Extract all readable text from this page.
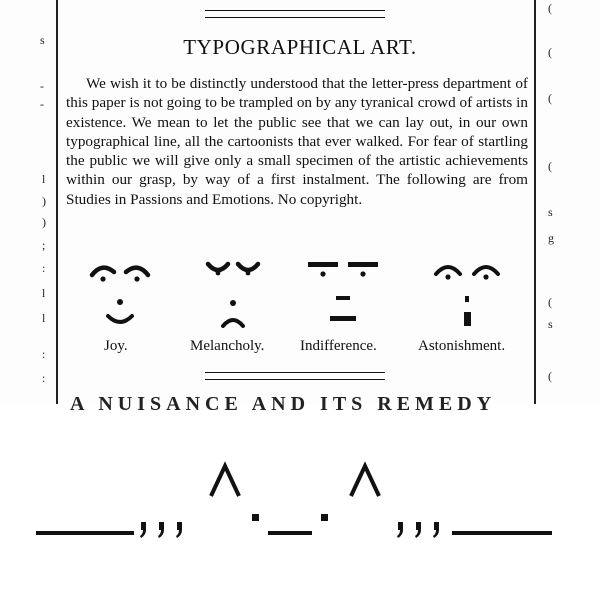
s
-
-
l
)
)
;
:
l
l
:
:
(
(
(
(
s
g
(
s
(
TYPOGRAPHICAL ART.

We wish it to be distinctly understood that the letter-press department of this paper is not going to be trampled on by any tyranical crowd of artists in existence. We mean to let the public see that we can lay out, in our own typographical line, all the cartoonists that ever walked. For fear of startling the public we will give only a small specimen of the artistic achievements within our grasp, by way of a first instalment. The following are from Studies in Passions and Emotions. No copyright.

Joy.	Melancholy. Indifference.	Astonishment.
A NUISANCE AND ITS REMEDY
